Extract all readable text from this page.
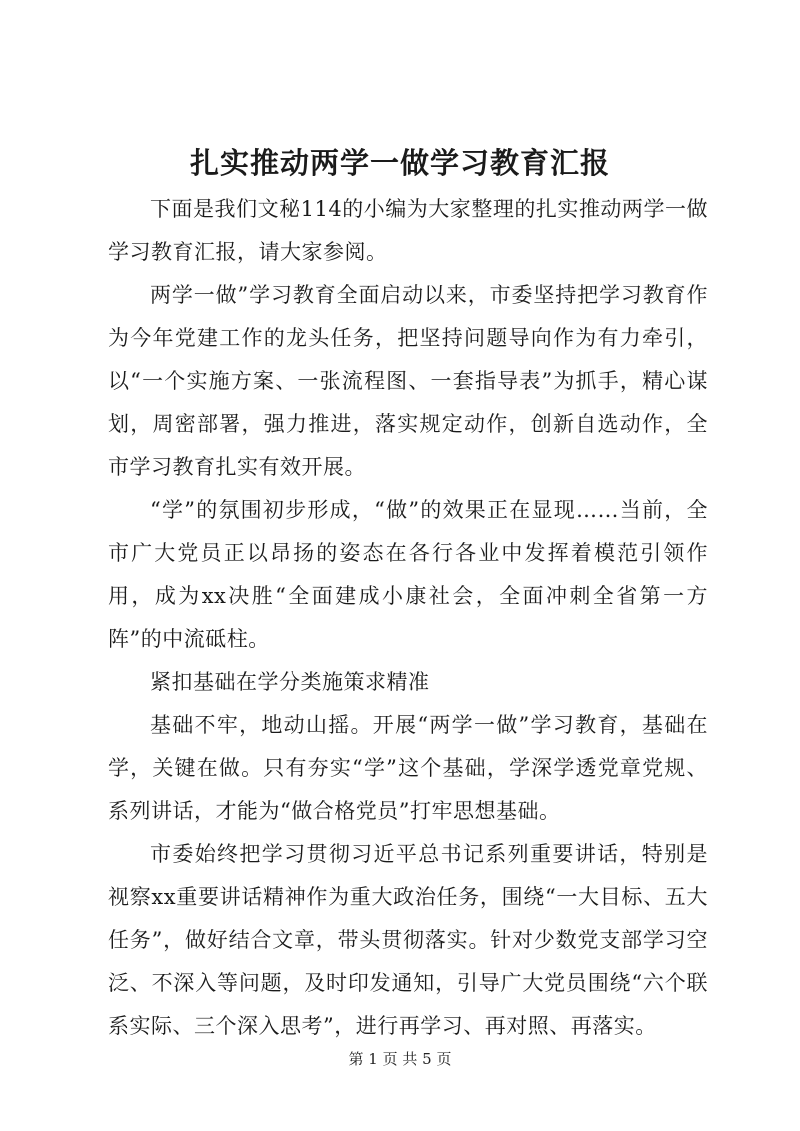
扎实推动两学一做学习教育汇报

下面是我们文秘114的小编为大家整理的扎实推动两学一做学习教育汇报，请大家参阅。

两学一做”学习教育全面启动以来，市委坚持把学习教育作为今年党建工作的龙头任务，把坚持问题导向作为有力牵引，以“一个实施方案、一张流程图、一套指导表”为抓手，精心谋划，周密部署，强力推进，落实规定动作，创新自选动作，全市学习教育扎实有效开展。

“学”的氛围初步形成，“做”的效果正在显现……当前，全市广大党员正以昂扬的姿态在各行各业中发挥着模范引领作用，成为xx决胜“全面建成小康社会，全面冲刺全省第一方阵”的中流砥柱。

紧扣基础在学分类施策求精准

基础不牢，地动山摇。开展“两学一做”学习教育，基础在学，关键在做。只有夯实“学”这个基础，学深学透党章党规、系列讲话，才能为“做合格党员”打牢思想基础。

市委始终把学习贯彻习近平总书记系列重要讲话，特别是视察xx重要讲话精神作为重大政治任务，围绕“一大目标、五大任务”，做好结合文章，带头贯彻落实。针对少数党支部学习空泛、不深入等问题，及时印发通知，引导广大党员围绕“六个联系实际、三个深入思考”，进行再学习、再对照、再落实。

第 1 页 共 5 页
